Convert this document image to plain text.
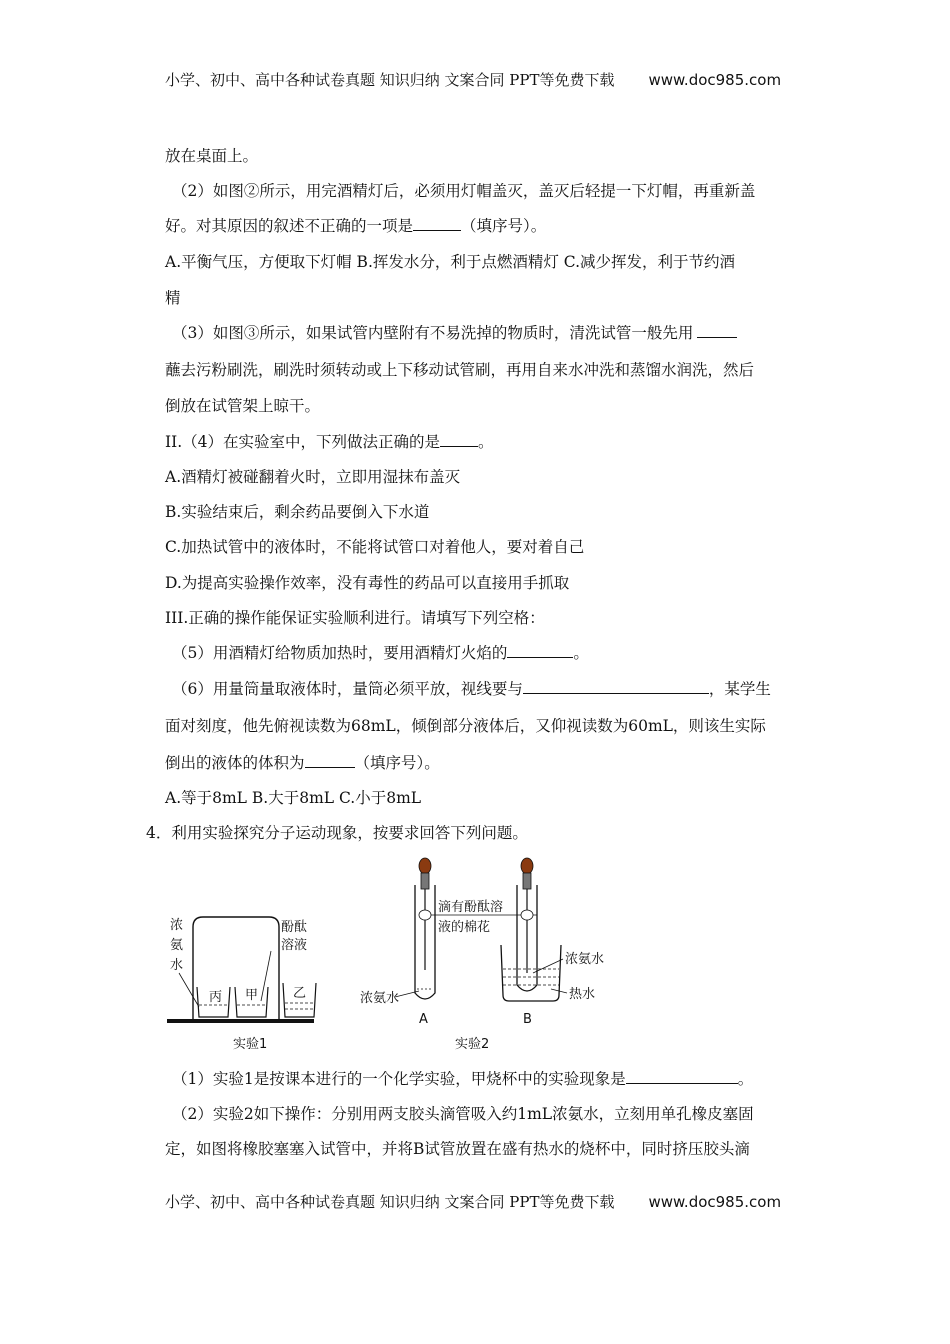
小学、初中、高中各种试卷真题 知识归纳 文案合同 PPT等免费下载 www.doc985.com
放在桌面上。
（2）如图②所示，用完酒精灯后，必须用灯帽盖灭，盖灭后轻提一下灯帽，再重新盖
好。对其原因的叙述不正确的一项是	（填序号）。
A.平衡气压，方便取下灯帽 B.挥发水分，利于点燃酒精灯 C.减少挥发，利于节约酒
精
（3）如图③所示，如果试管内壁附有不易洗掉的物质时，清洗试管一般先用
蘸去污粉刷洗，刷洗时须转动或上下移动试管刷，再用自来水冲洗和蒸馏水润洗，然后
倒放在试管架上晾干。
II.（4）在实验室中，下列做法正确的是 。
A.酒精灯被碰翻着火时，立即用湿抹布盖灭
B.实验结束后，剩余药品要倒入下水道
C.加热试管中的液体时，不能将试管口对着他人，要对着自己
D.为提高实验操作效率，没有毒性的药品可以直接用手抓取
III.正确的操作能保证实验顺利进行。请填写下列空格：
（5）用酒精灯给物质加热时，要用酒精灯火焰的	。
（6）用量筒量取液体时，量筒必须平放，视线要与	，某学生
面对刻度，他先俯视读数为68mL，倾倒部分液体后，又仰视读数为60mL，则该生实际
倒出的液体的体积为	（填序号）。
A.等于8mL B.大于8mL C.小于8mL
4．利用实验探究分子运动现象，按要求回答下列问题。
丙 甲	乙
浓
氨
水
酚酞
溶液
实验1
滴有酚酞溶
液的棉花
浓氨水
A
浓氨水
热水
B
实验2
（1）实验1是按课本进行的一个化学实验，甲烧杯中的实验现象是	。
（2）实验2如下操作：分别用两支胶头滴管吸入约1mL浓氨水，立刻用单孔橡皮塞固
定，如图将橡胶塞塞入试管中，并将B试管放置在盛有热水的烧杯中，同时挤压胶头滴
小学、初中、高中各种试卷真题 知识归纳 文案合同 PPT等免费下载 www.doc985.com
